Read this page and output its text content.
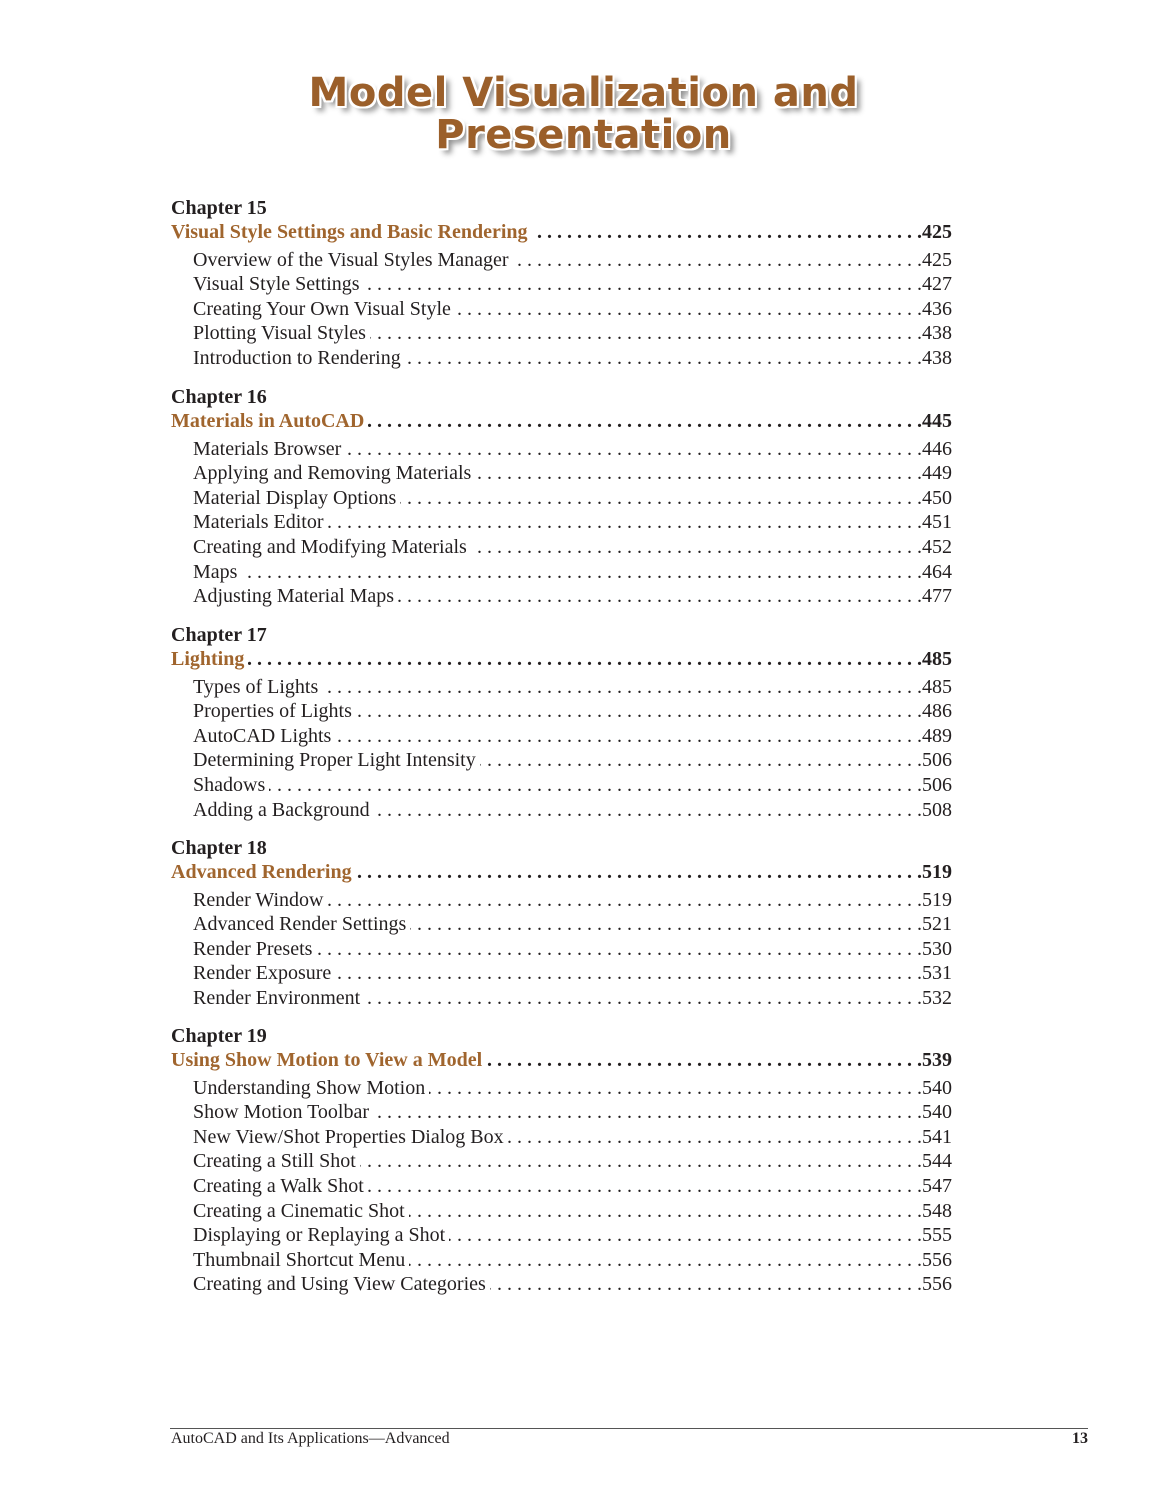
Model Visualization and
Presentation
Chapter 15
Visual Style Settings and Basic Rendering . . .	425
Overview of the Visual Styles Manager . . .	425
Visual Style Settings . . .	427
Creating Your Own Visual Style . . .	436
Plotting Visual Styles . . .	438
Introduction to Rendering . . .	438
Chapter 16
Materials in AutoCAD . . .	445
Materials Browser . . .	446
Applying and Removing Materials . . .	449
Material Display Options . . .	450
Materials Editor . . .	451
Creating and Modifying Materials . . .	452
Maps . . .	464
Adjusting Material Maps . . .	477
Chapter 17
Lighting . . .	485
Types of Lights . . .	485
Properties of Lights . . .	486
AutoCAD Lights . . .	489
Determining Proper Light Intensity . . .	506
Shadows . . .	506
Adding a Background . . .	508
Chapter 18
Advanced Rendering . . .	519
Render Window . . .	519
Advanced Render Settings . . .	521
Render Presets . . .	530
Render Exposure . . .	531
Render Environment . . .	532
Chapter 19
Using Show Motion to View a Model . . .	539
Understanding Show Motion . . .	540
Show Motion Toolbar . . .	540
New View/Shot Properties Dialog Box . . .	541
Creating a Still Shot . . .	544
Creating a Walk Shot . . .	547
Creating a Cinematic Shot . . .	548
Displaying or Replaying a Shot . . .	555
Thumbnail Shortcut Menu . . .	556
Creating and Using View Categories . . .	556
AutoCAD and Its Applications—Advanced	13
